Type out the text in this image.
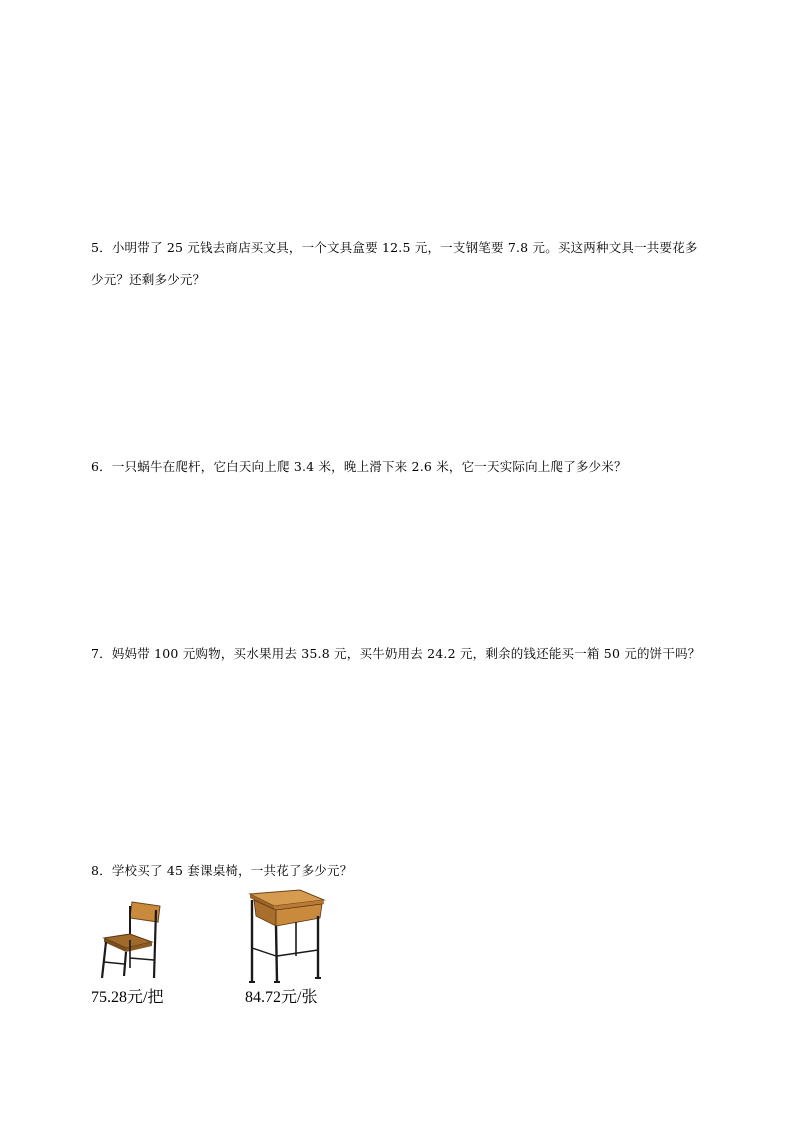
5．小明带了 25 元钱去商店买文具，一个文具盒要 12.5 元，一支钢笔要 7.8 元。买这两种文具一共要花多少元？还剩多少元？
6．一只蜗牛在爬杆，它白天向上爬 3.4 米，晚上滑下来 2.6 米，它一天实际向上爬了多少米？
7．妈妈带 100 元购物，买水果用去 35.8 元，买牛奶用去 24.2 元，剩余的钱还能买一箱 50 元的饼干吗？
8．学校买了 45 套课桌椅，一共花了多少元？
75.28元/把	84.72元/张
